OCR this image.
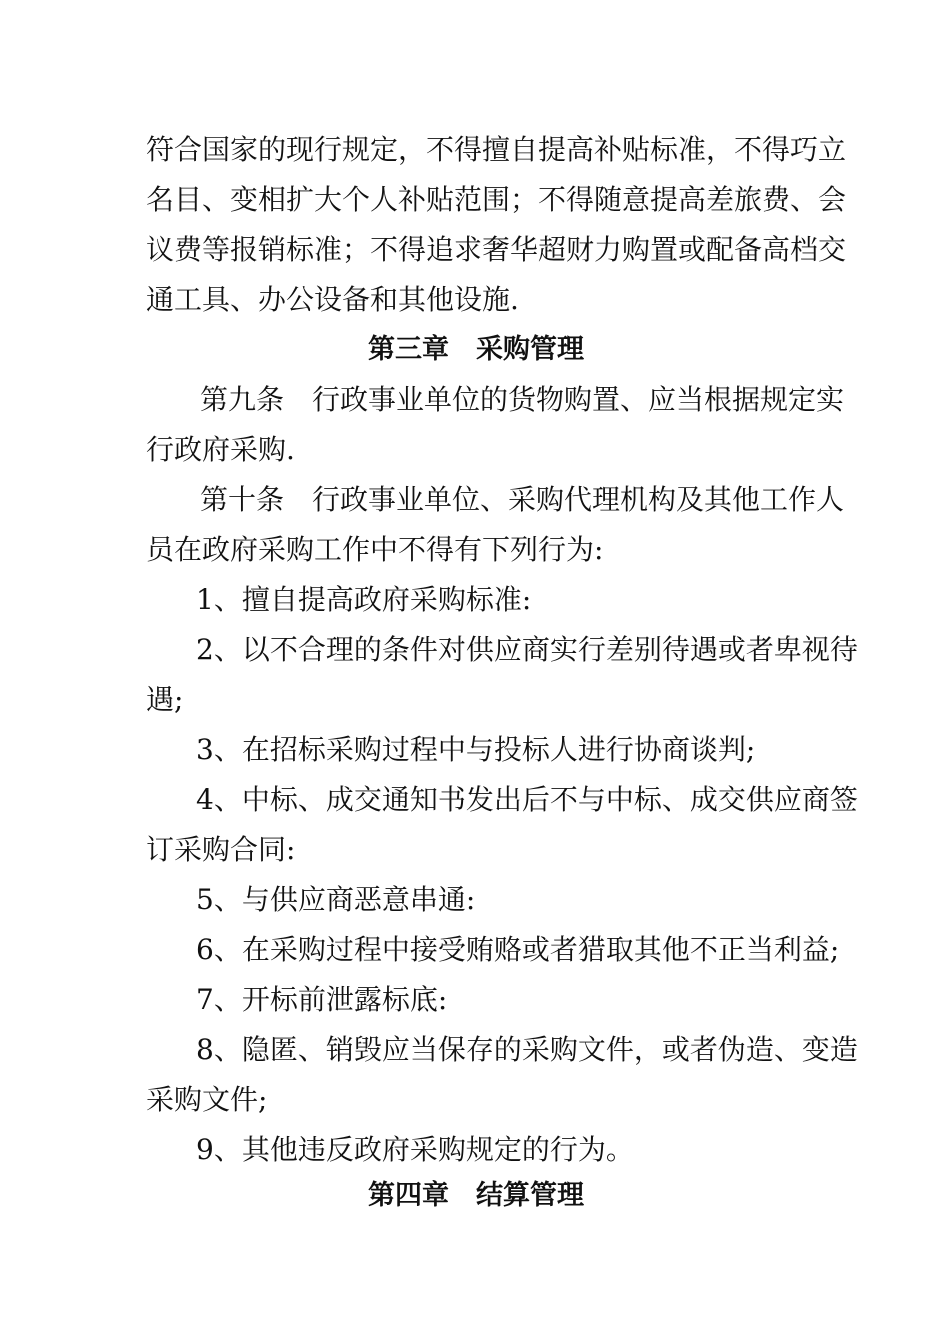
符合国家的现行规定，不得擅自提高补贴标准，不得巧立
名目、变相扩大个人补贴范围；不得随意提高差旅费、会
议费等报销标准；不得追求奢华超财力购置或配备高档交
通工具、办公设备和其他设施.
第三章　采购管理
第九条　行政事业单位的货物购置、应当根据规定实
行政府采购.
第十条　行政事业单位、采购代理机构及其他工作人
员在政府采购工作中不得有下列行为:
1、擅自提高政府采购标准:
2、以不合理的条件对供应商实行差别待遇或者卑视待
遇;
3、在招标采购过程中与投标人进行协商谈判;
4、中标、成交通知书发出后不与中标、成交供应商签
订采购合同:
5、与供应商恶意串通:
6、在采购过程中接受贿赂或者猎取其他不正当利益;
7、开标前泄露标底:
8、隐匿、销毁应当保存的采购文件，或者伪造、变造
采购文件;
9、其他违反政府采购规定的行为。
第四章　结算管理
